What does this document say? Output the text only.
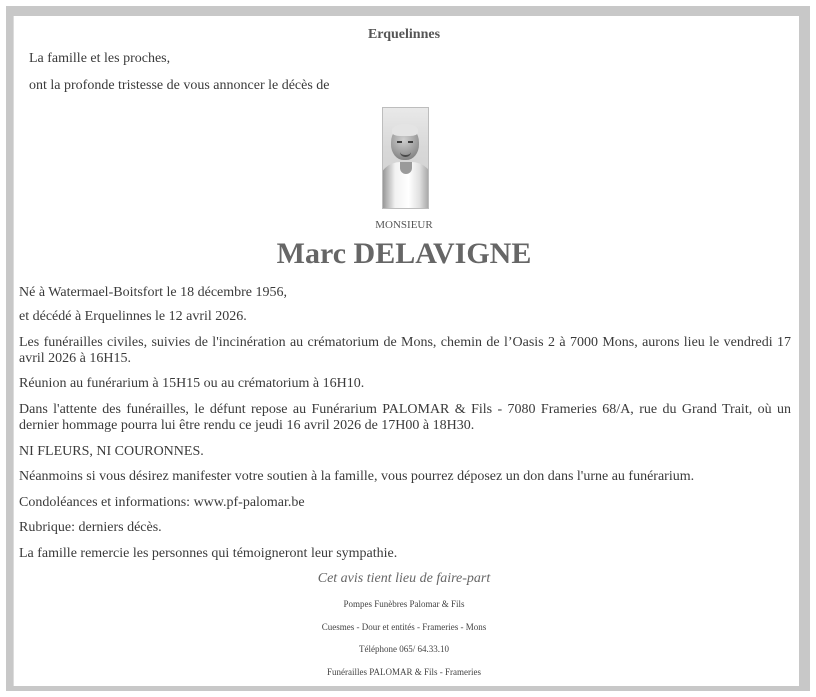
Erquelinnes
La famille et les proches,
ont la profonde tristesse de vous annoncer le décès de
MONSIEUR
Marc DELAVIGNE
Né à Watermael-Boitsfort le 18 décembre 1956,
et décédé à Erquelinnes le 12 avril 2026.
Les funérailles civiles, suivies de l'incinération au crématorium de Mons, chemin de l’Oasis 2 à 7000 Mons, aurons lieu le vendredi 17 avril 2026 à 16H15.
Réunion au funérarium à 15H15 ou au crématorium à 16H10.
Dans l'attente des funérailles, le défunt repose au Funérarium PALOMAR & Fils - 7080 Frameries 68/A, rue du Grand Trait, où un dernier hommage pourra lui être rendu ce jeudi 16 avril 2026 de 17H00 à 18H30.
NI FLEURS, NI COURONNES.
Néanmoins si vous désirez manifester votre soutien à la famille, vous pourrez déposez un don dans l'urne au funérarium.
Condoléances et informations: www.pf-palomar.be
Rubrique: derniers décès.
La famille remercie les personnes qui témoigneront leur sympathie.
Cet avis tient lieu de faire-part
Pompes Funèbres Palomar & Fils
Cuesmes - Dour et entités - Frameries - Mons
Téléphone 065/ 64.33.10
Funérailles PALOMAR & Fils - Frameries
